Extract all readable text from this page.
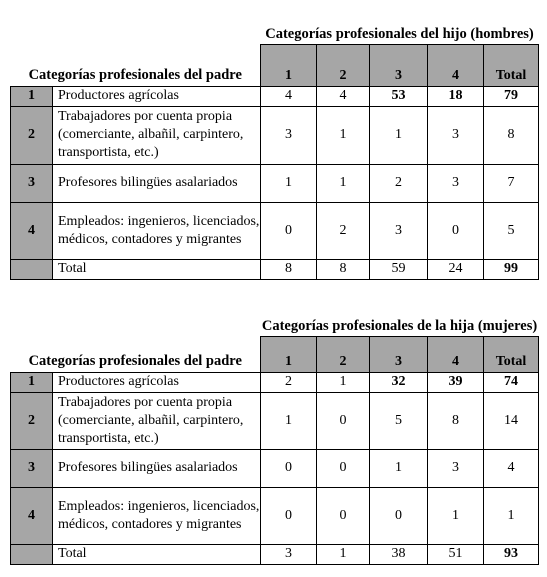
		Categorías profesionales del hijo (hombres)				
Categorías profesionales del padre		1	2	3	4	Total
1	Productores agrícolas	4	4	53	18	79
2	Trabajadores por cuenta propia (comerciante, albañil, carpintero, transportista, etc.)	3	1	1	3	8
3	Profesores bilingües asalariados	1	1	2	3	7
4	Empleados: ingenieros, licenciados, médicos, contadores y migrantes	0	2	3	0	5
	Total	8	8	59	24	99
		Categorías profesionales de la hija (mujeres)				
Categorías profesionales del padre		1	2	3	4	Total
1	Productores agrícolas	2	1	32	39	74
2	Trabajadores por cuenta propia (comerciante, albañil, carpintero, transportista, etc.)	1	0	5	8	14
3	Profesores bilingües asalariados	0	0	1	3	4
4	Empleados: ingenieros, licenciados, médicos, contadores y migrantes	0	0	0	1	1
	Total	3	1	38	51	93
